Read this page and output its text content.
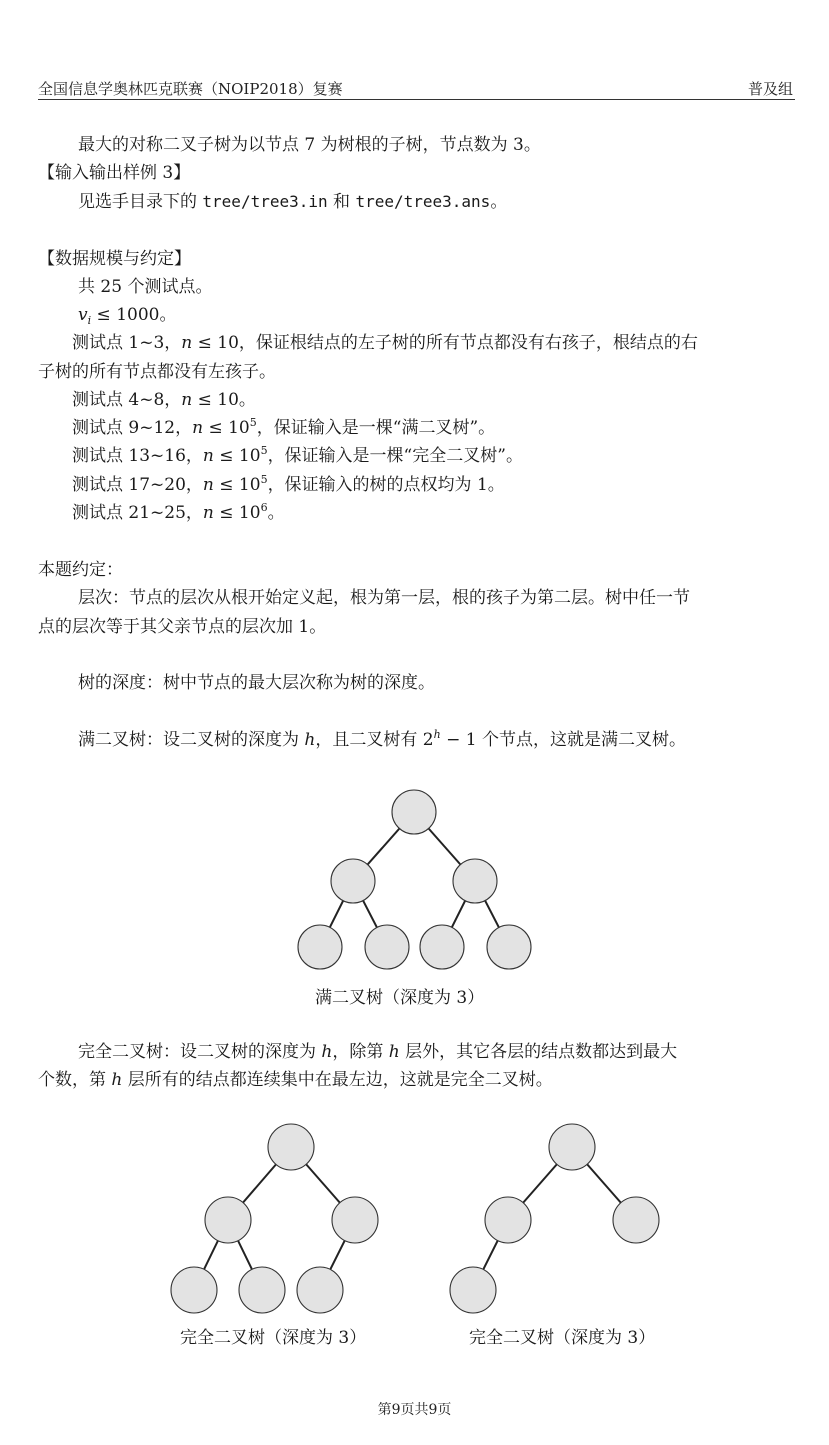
全国信息学奥林匹克联赛（NOIP2018）复赛	普及组
最大的对称二叉子树为以节点 7 为树根的子树，节点数为 3。
【输入输出样例 3】
见选手目录下的 tree/tree3.in 和 tree/tree3.ans。
【数据规模与约定】
共 25 个测试点。
$v_i \le 1000$。
测试点 1~3，n ≤ 10，保证根结点的左子树的所有节点都没有右孩子，根结点的右
子树的所有节点都没有左孩子。
测试点 4~8，n ≤ 10。
测试点 9~12，$n \le 10^5$，保证输入是一棵“满二叉树”。
测试点 13~16，$n \le 10^5$，保证输入是一棵“完全二叉树”。
测试点 17~20，$n \le 10^5$，保证输入的树的点权均为 1。
测试点 21~25，$n \le 10^6$。
本题约定：
层次：节点的层次从根开始定义起，根为第一层，根的孩子为第二层。树中任一节
点的层次等于其父亲节点的层次加 1。
树的深度：树中节点的最大层次称为树的深度。
满二叉树：设二叉树的深度为 h，且二叉树有 $2^h - 1$ 个节点，这就是满二叉树。
满二叉树（深度为 3）
完全二叉树：设二叉树的深度为 h，除第 h 层外，其它各层的结点数都达到最大
个数，第 h 层所有的结点都连续集中在最左边，这就是完全二叉树。
完全二叉树（深度为 3）	完全二叉树（深度为 3）
第9页共9页
